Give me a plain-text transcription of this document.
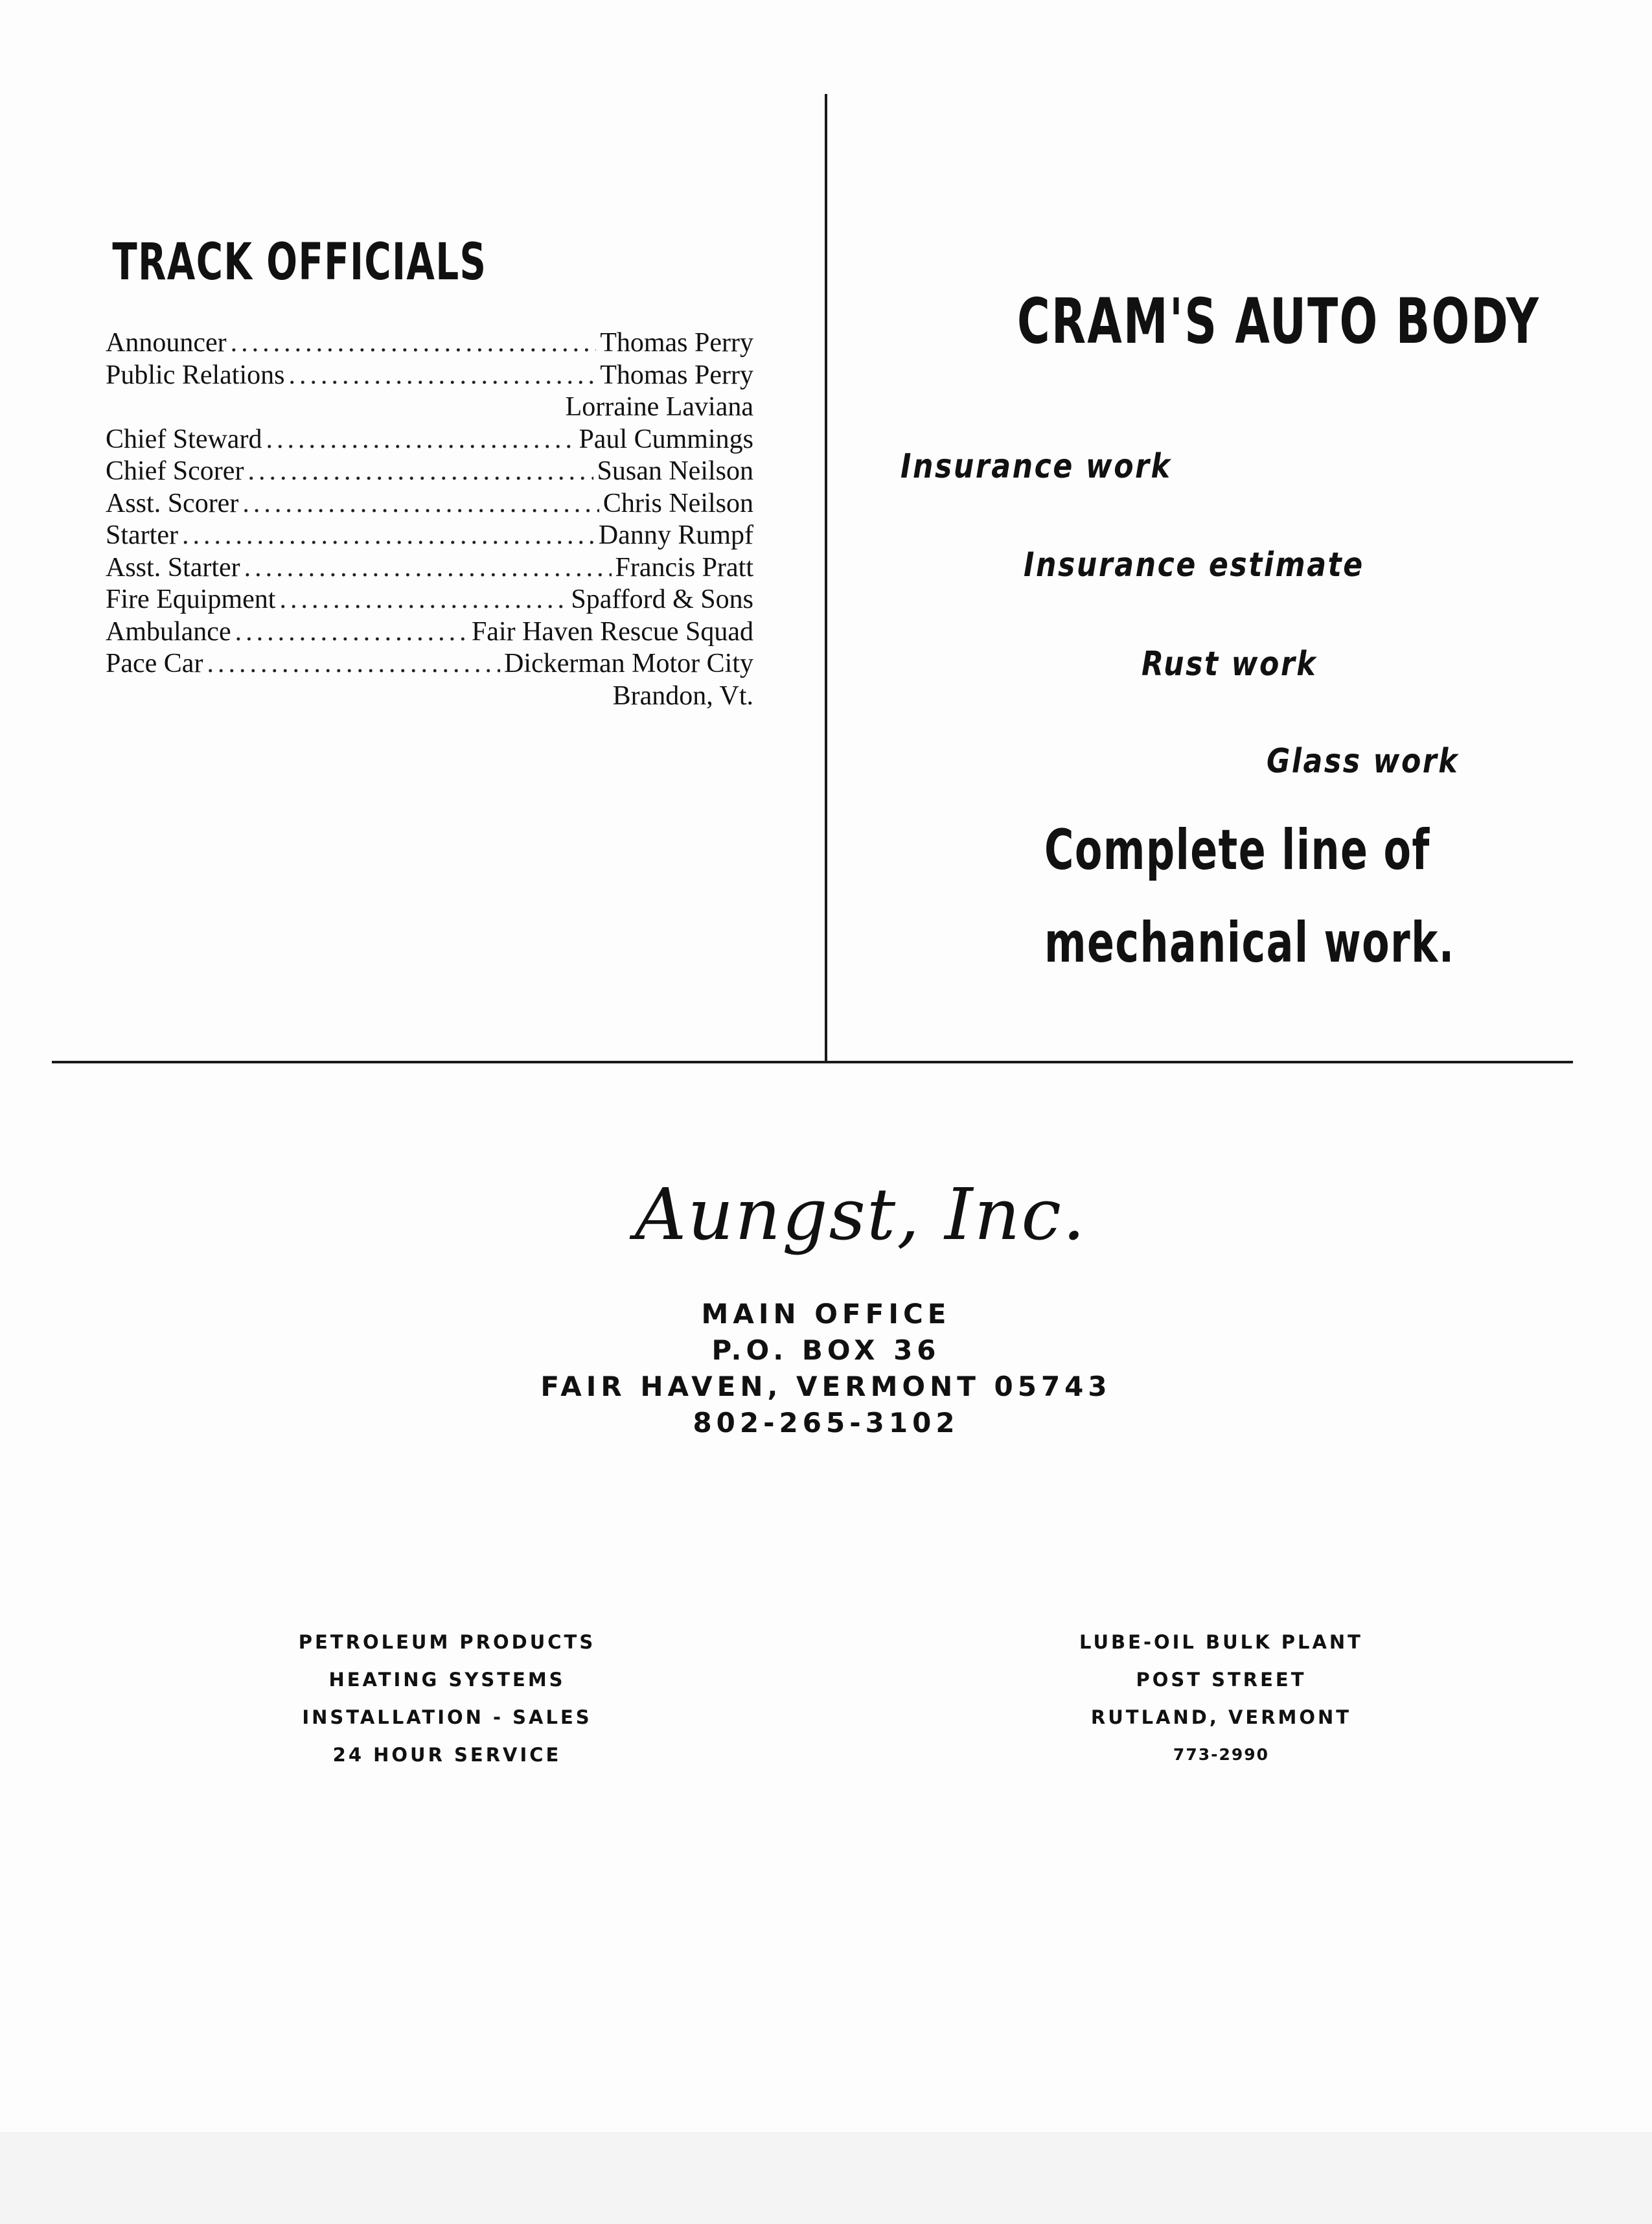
TRACK OFFICIALS
Announcer .....	Thomas Perry
Public Relations .....	Thomas Perry
Lorraine Laviana
Chief Steward .....	Paul Cummings
Chief Scorer .....	Susan Neilson
Asst. Scorer .....	Chris Neilson
Starter .....	Danny Rumpf
Asst. Starter .....	Francis Pratt
Fire Equipment .....	Spafford & Sons
Ambulance .....	Fair Haven Rescue Squad
Pace Car .....	Dickerman Motor City
Brandon, Vt.
CRAM'S AUTO BODY
Insurance work
Insurance estimate
Rust work
Glass work
Complete line of
mechanical work.
Aungst, Inc.
MAIN OFFICE
P.O. BOX 36
FAIR HAVEN, VERMONT 05743
802-265-3102
PETROLEUM PRODUCTS
HEATING SYSTEMS
INSTALLATION - SALES
24 HOUR SERVICE
LUBE-OIL BULK PLANT
POST STREET
RUTLAND, VERMONT
773-2990
